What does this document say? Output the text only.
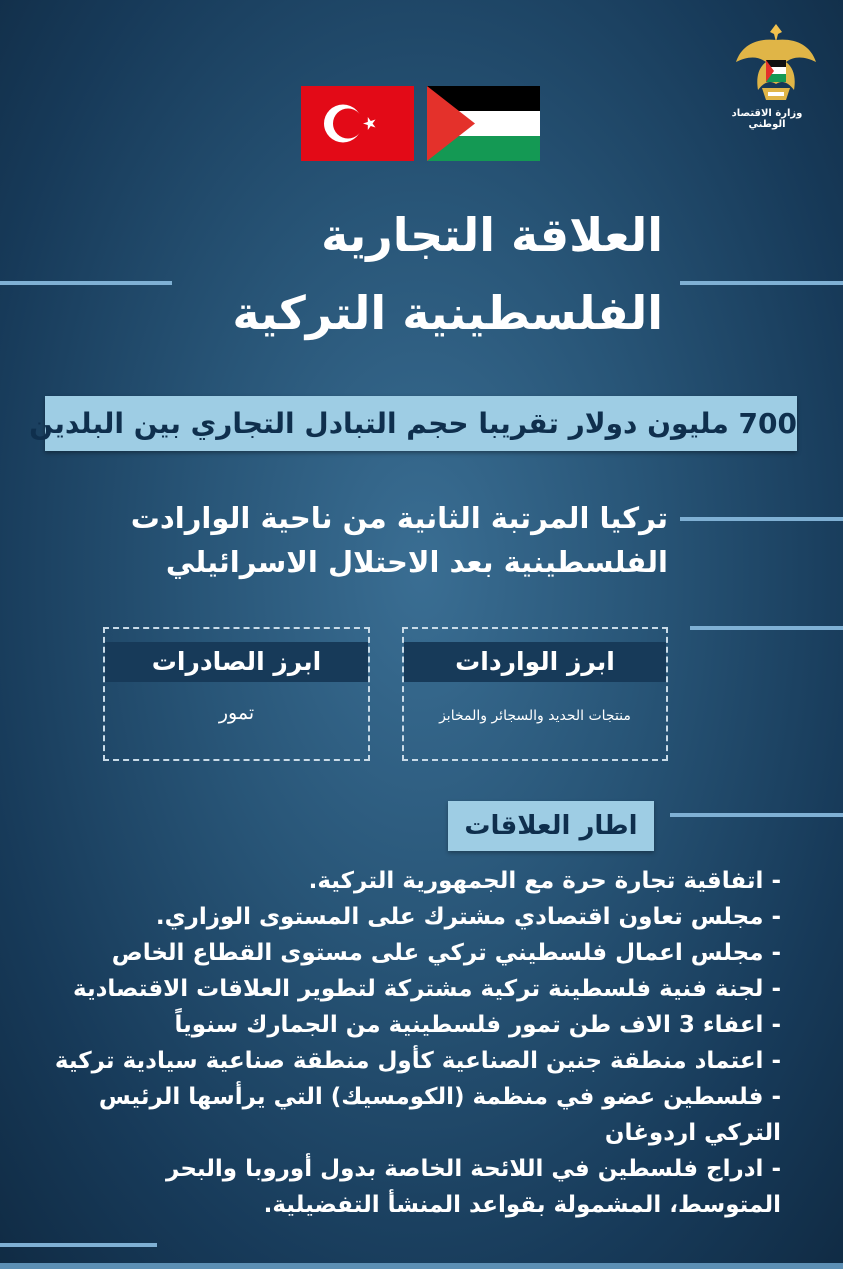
وزارة الاقتصاد الوطني
العلاقة التجارية
الفلسطينية التركية
700 مليون دولار تقريبا حجم التبادل التجاري بين البلدين
تركيا المرتبة الثانية من ناحية الوارادت
الفلسطينية بعد الاحتلال الاسرائيلي
ابرز الواردات
منتجات الحديد والسجائر والمخابز
ابرز الصادرات
تمور
اطار العلاقات
- اتفاقية تجارة حرة مع الجمهورية التركية.
- مجلس تعاون اقتصادي مشترك على المستوى الوزاري.
- مجلس اعمال فلسطيني تركي على مستوى القطاع الخاص
- لجنة فنية فلسطينة تركية مشتركة لتطوير العلاقات الاقتصادية
- اعفاء 3 الاف طن تمور فلسطينية من الجمارك سنوياً
- اعتماد منطقة جنين الصناعية كأول منطقة صناعية سيادية تركية
- فلسطين عضو في منظمة (الكومسيك) التي يرأسها الرئيس التركي اردوغان
- ادراج فلسطين في اللائحة الخاصة بدول أوروبا والبحر المتوسط، المشمولة بقواعد المنشأ التفضيلية.
